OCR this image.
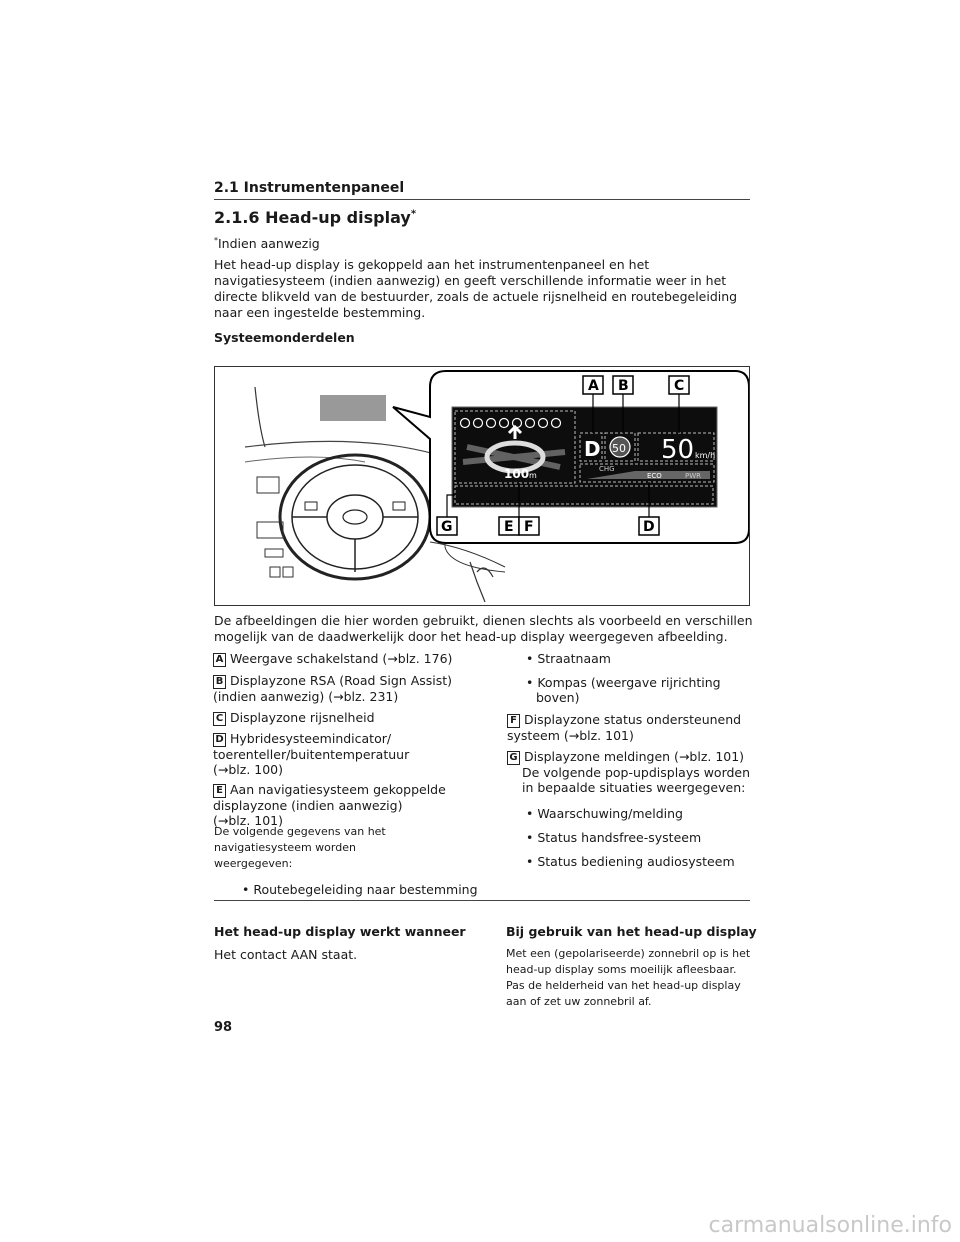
2.1 Instrumentenpaneel
2.1.6 Head-up display*
*Indien aanwezig
Het head-up display is gekoppeld aan het instrumentenpaneel en het navigatiesysteem (indien aanwezig) en geeft verschillende informatie weer in het directe blikveld van de bestuurder, zoals de actuele rijsnelheid en routebegeleiding naar een ingestelde bestemming.
Systeemonderdelen
100 m
D 50 50 km/h
CHG
ECO	PWR
A B	C
G	E F	D
De afbeeldingen die hier worden gebruikt, dienen slechts als voorbeeld en verschillen mogelijk van de daadwerkelijk door het head-up display weergegeven afbeelding.
A Weergave schakelstand (→blz. 176)
B Displayzone RSA (Road Sign Assist)
(indien aanwezig) (→blz. 231)
C Displayzone rijsnelheid
D Hybridesysteemindicator/
toerenteller/buitentemperatuur
(→blz. 100)
E Aan navigatiesysteem gekoppelde
displayzone (indien aanwezig)
(→blz. 101)
De volgende gegevens van het
navigatiesysteem worden
weergegeven:
• Routebegeleiding naar bestemming
• Straatnaam
• Kompas (weergave rijrichting
boven)
F Displayzone status ondersteunend
systeem (→blz. 101)
G Displayzone meldingen (→blz. 101)
De volgende pop-updisplays worden
in bepaalde situaties weergegeven:
• Waarschuwing/melding
• Status handsfree-systeem
• Status bediening audiosysteem
Het head-up display werkt wanneer
Het contact AAN staat.
Bij gebruik van het head-up display
Met een (gepolariseerde) zonnebril op is het
head-up display soms moeilijk afleesbaar.
Pas de helderheid van het head-up display
aan of zet uw zonnebril af.
98
carmanualsonline.info
